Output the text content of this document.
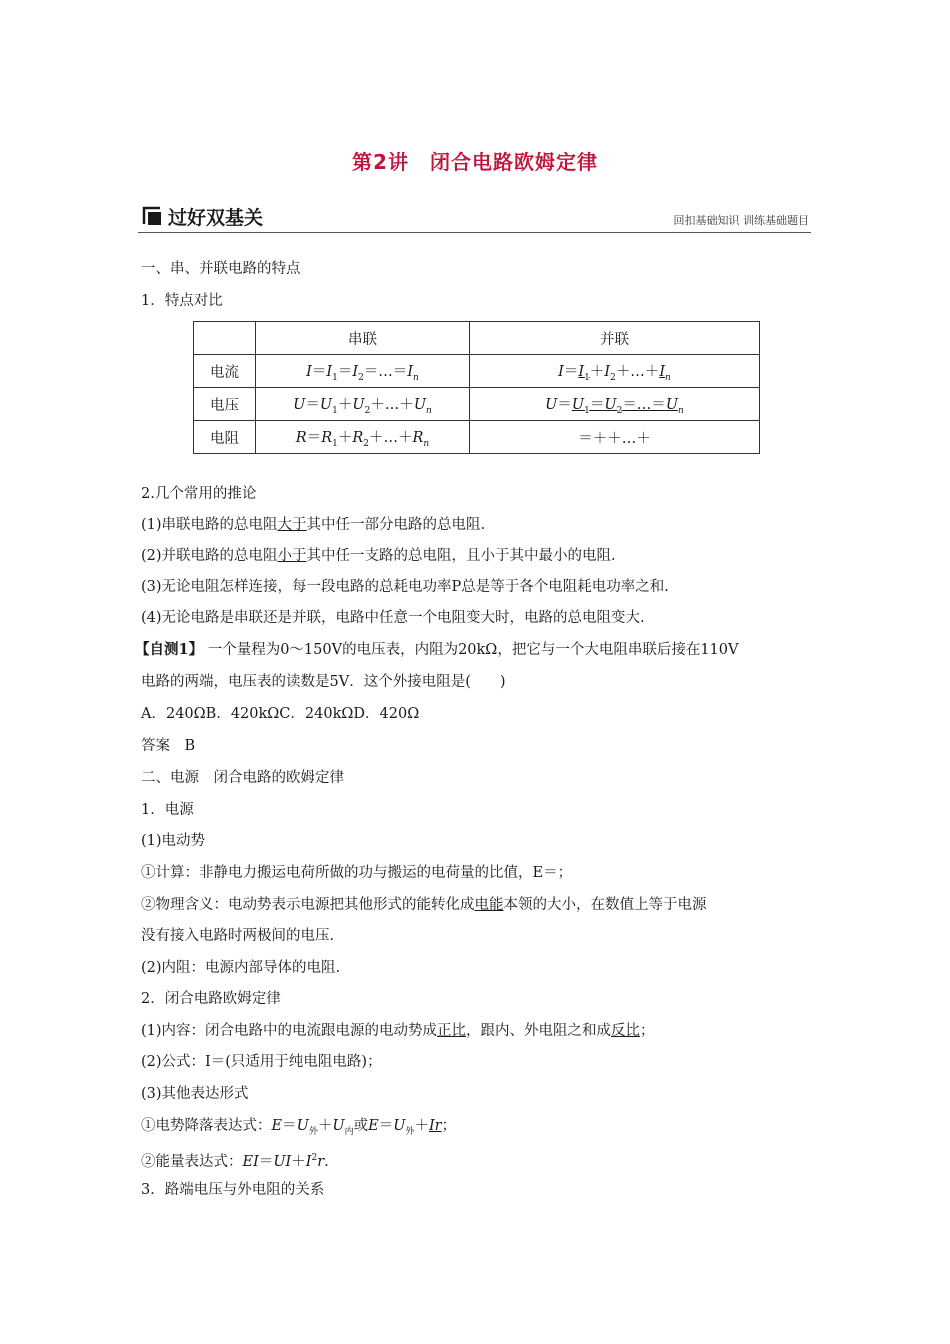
第2讲　闭合电路欧姆定律
过好双基关	回扣基础知识 训练基础题目
一、串、并联电路的特点
1．特点对比
	串联	并联
电流	$I=I_1=I_2=\dots=I_n$	$I=I_1+I_2+\dots+I_n$
电压	$U=U_1+U_2+\dots+U_n$	$U=U_1=U_2=\dots=U_n$
电阻	$R=R_1+R_2+\dots+R_n$	＝＋＋…＋
2.几个常用的推论
(1)串联电路的总电阻大于其中任一部分电路的总电阻.
(2)并联电路的总电阻小于其中任一支路的总电阻，且小于其中最小的电阻.
(3)无论电阻怎样连接，每一段电路的总耗电功率P总是等于各个电阻耗电功率之和.
(4)无论电路是串联还是并联，电路中任意一个电阻变大时，电路的总电阻变大.
【自测1】 一个量程为0～150V的电压表，内阻为20kΩ，把它与一个大电阻串联后接在110V
电路的两端，电压表的读数是5V．这个外接电阻是(　　)
A．240ΩB．420kΩC．240kΩD．420Ω
答案　B
二、电源　闭合电路的欧姆定律
1．电源
(1)电动势
①计算：非静电力搬运电荷所做的功与搬运的电荷量的比值，E＝；
②物理含义：电动势表示电源把其他形式的能转化成电能本领的大小，在数值上等于电源
没有接入电路时两极间的电压.
(2)内阻：电源内部导体的电阻.
2．闭合电路欧姆定律
(1)内容：闭合电路中的电流跟电源的电动势成正比，跟内、外电阻之和成反比；
(2)公式：I＝(只适用于纯电阻电路)；
(3)其他表达形式
①电势降落表达式：$E=U_外+U_内$或$E=U_外+Ir$；
②能量表达式：$EI=UI+I^2r$.
3．路端电压与外电阻的关系
